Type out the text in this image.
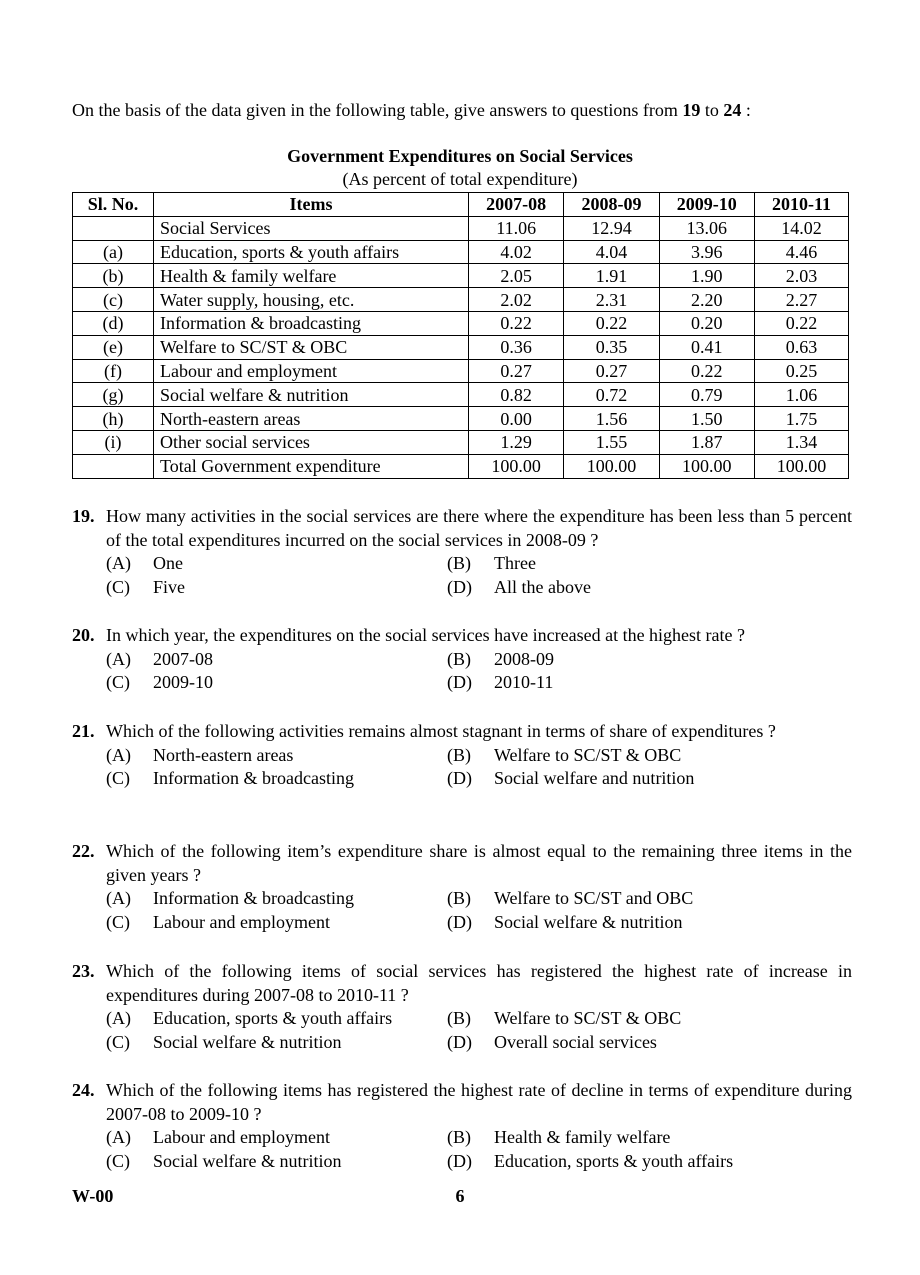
On the basis of the data given in the following table, give answers to questions from 19 to 24 :
Government Expenditures on Social Services
(As percent of total expenditure)
Sl. No.	Items	2007-08	2008-09	2009-10	2010-11
	Social Services	11.06	12.94	13.06	14.02
(a)	Education, sports & youth affairs	4.02	4.04	3.96	4.46
(b)	Health & family welfare	2.05	1.91	1.90	2.03
(c)	Water supply, housing, etc.	2.02	2.31	2.20	2.27
(d)	Information & broadcasting	0.22	0.22	0.20	0.22
(e)	Welfare to SC/ST & OBC	0.36	0.35	0.41	0.63
(f)	Labour and employment	0.27	0.27	0.22	0.25
(g)	Social welfare & nutrition	0.82	0.72	0.79	1.06
(h)	North-eastern areas	0.00	1.56	1.50	1.75
(i)	Other social services	1.29	1.55	1.87	1.34
	Total Government expenditure	100.00	100.00	100.00	100.00
19. How many activities in the social services are there where the expenditure has been less than 5 percent of the total expenditures incurred on the social services in 2008-09 ?
(A)	One	(B)	Three
(C)	Five	(D)	All the above
20. In which year, the expenditures on the social services have increased at the highest rate ?
(A)	2007-08	(B)	2008-09
(C)	2009-10	(D)	2010-11
21. Which of the following activities remains almost stagnant in terms of share of expenditures ?
(A)	North-eastern areas	(B)	Welfare to SC/ST & OBC
(C)	Information & broadcasting	(D)	Social welfare and nutrition
22. Which of the following item’s expenditure share is almost equal to the remaining three items in the given years ?
(A)	Information & broadcasting	(B)	Welfare to SC/ST and OBC
(C)	Labour and employment	(D)	Social welfare & nutrition
23. Which of the following items of social services has registered the highest rate of increase in expenditures during 2007-08 to 2010-11 ?
(A)	Education, sports & youth affairs	(B)	Welfare to SC/ST & OBC
(C)	Social welfare & nutrition	(D)	Overall social services
24. Which of the following items has registered the highest rate of decline in terms of expenditure during 2007-08 to 2009-10 ?
(A)	Labour and employment	(B)	Health & family welfare
(C)	Social welfare & nutrition	(D)	Education, sports & youth affairs
W-00	6
